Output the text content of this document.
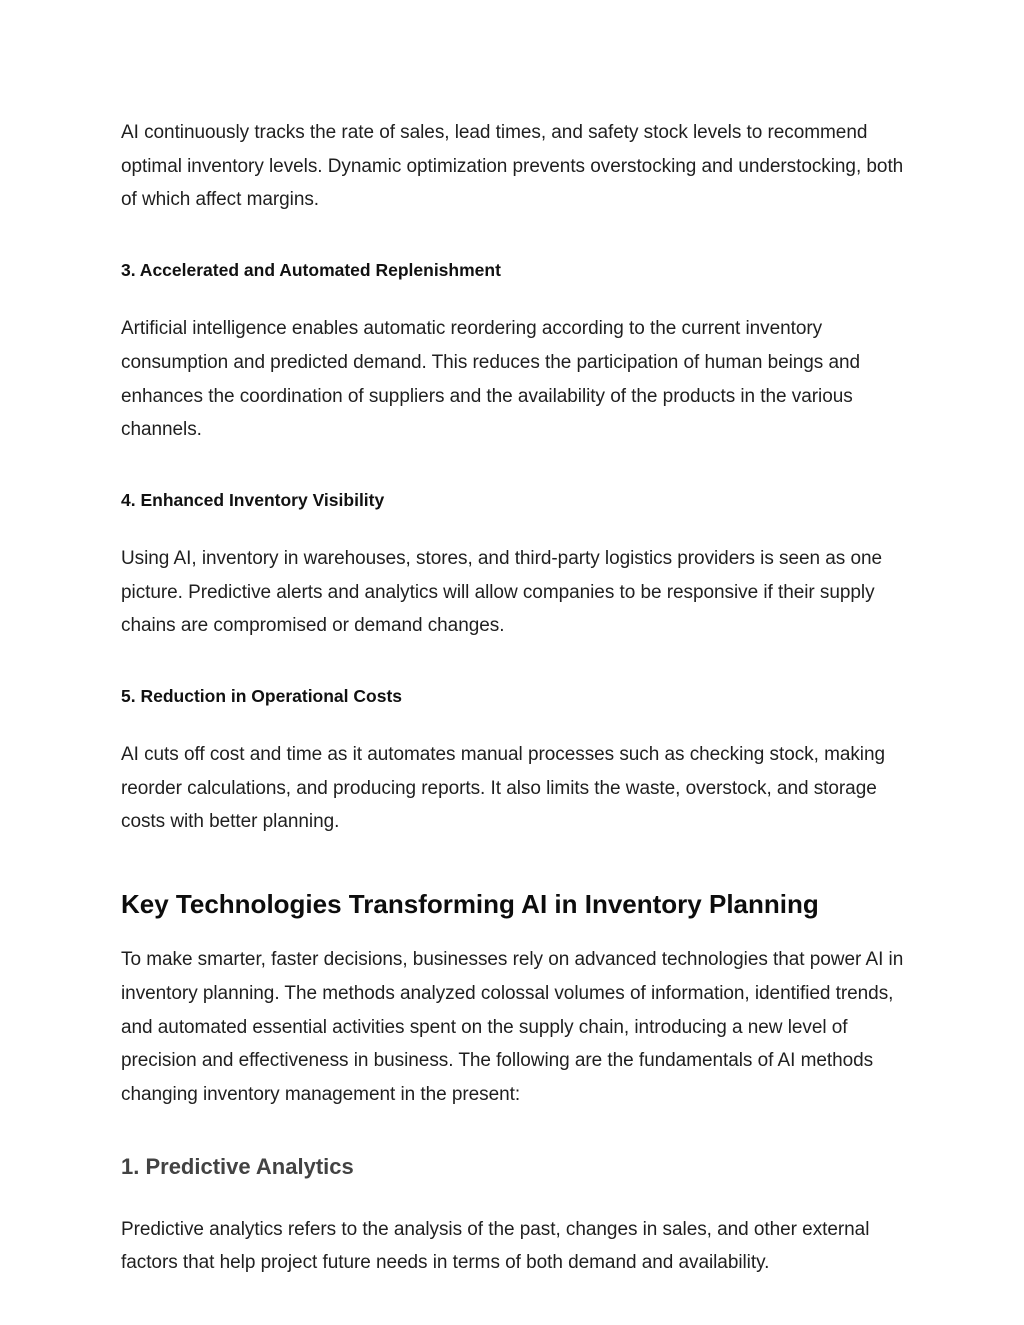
AI continuously tracks the rate of sales, lead times, and safety stock levels to recommend optimal inventory levels. Dynamic optimization prevents overstocking and understocking, both of which affect margins.

3. Accelerated and Automated Replenishment

Artificial intelligence enables automatic reordering according to the current inventory consumption and predicted demand. This reduces the participation of human beings and enhances the coordination of suppliers and the availability of the products in the various channels.

4. Enhanced Inventory Visibility

Using AI, inventory in warehouses, stores, and third-party logistics providers is seen as one picture. Predictive alerts and analytics will allow companies to be responsive if their supply chains are compromised or demand changes.

5. Reduction in Operational Costs

AI cuts off cost and time as it automates manual processes such as checking stock, making reorder calculations, and producing reports. It also limits the waste, overstock, and storage costs with better planning.

Key Technologies Transforming AI in Inventory Planning

To make smarter, faster decisions, businesses rely on advanced technologies that power AI in inventory planning. The methods analyzed colossal volumes of information, identified trends, and automated essential activities spent on the supply chain, introducing a new level of precision and effectiveness in business. The following are the fundamentals of AI methods changing inventory management in the present:

1. Predictive Analytics

Predictive analytics refers to the analysis of the past, changes in sales, and other external factors that help project future needs in terms of both demand and availability.
